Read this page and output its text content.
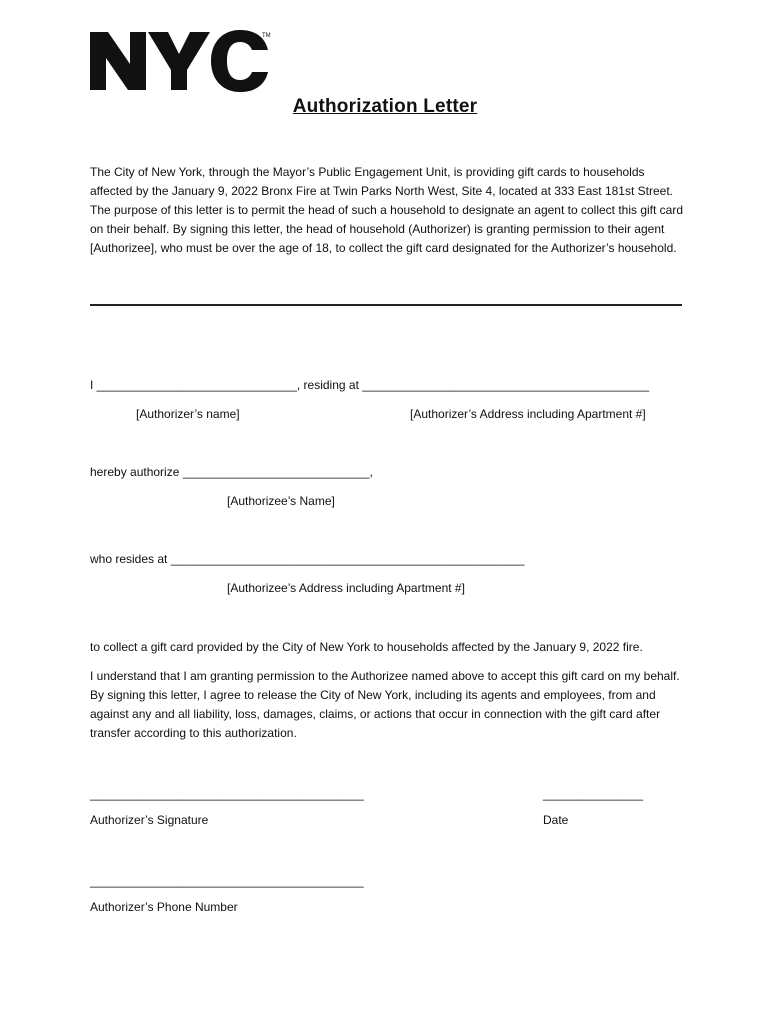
TM
Authorization Letter

The City of New York, through the Mayor’s Public Engagement Unit, is providing gift cards to households affected by the January 9, 2022 Bronx Fire at Twin Parks North West, Site 4, located at 333 East 181st Street. The purpose of this letter is to permit the head of such a household to designate an agent to collect this gift card on their behalf. By signing this letter, the head of household (Authorizer) is granting permission to their agent [Authorizee], who must be over the age of 18, to collect the gift card designated for the Authorizer’s household.

I ______________________________, residing at ___________________________________________
[Authorizer’s name]	[Authorizer’s Address including Apartment #]
hereby authorize ____________________________,
[Authorizee’s Name]
who resides at _____________________________________________________
[Authorizee’s Address including Apartment #]

to collect a gift card provided by the City of New York to households affected by the January 9, 2022 fire.

I understand that I am granting permission to the Authorizee named above to accept this gift card on my behalf. By signing this letter, I agree to release the City of New York, including its agents and employees, from and against any and all liability, loss, damages, claims, or actions that occur in connection with the gift card after transfer according to this authorization.

_________________________________________	_______________
Authorizer’s Signature	Date
_________________________________________
Authorizer’s Phone Number
